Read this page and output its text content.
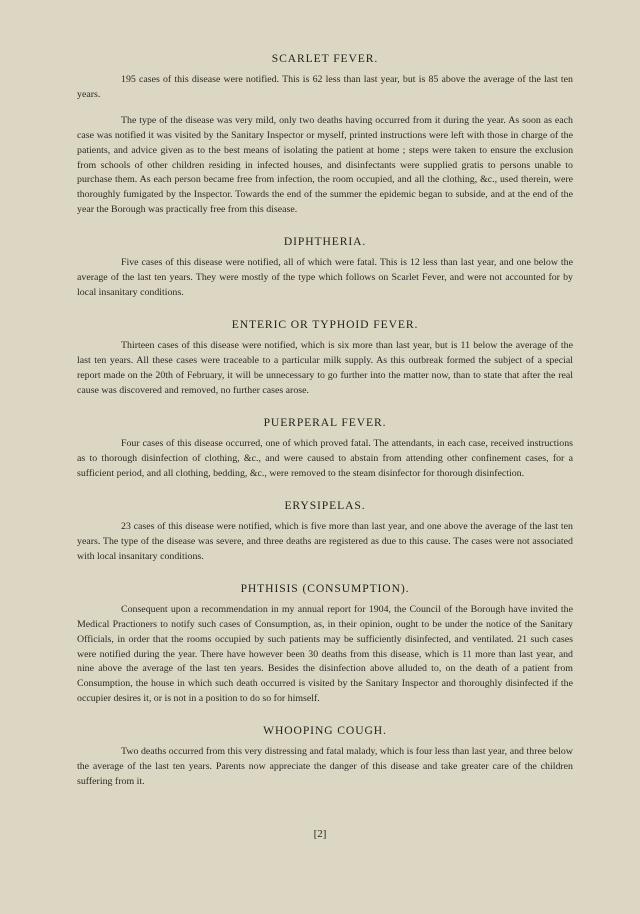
SCARLET FEVER.

195 cases of this disease were notified. This is 62 less than last year, but is 85 above the average of the last ten years.

The type of the disease was very mild, only two deaths having occurred from it during the year. As soon as each case was notified it was visited by the Sanitary Inspector or myself, printed instructions were left with those in charge of the patients, and advice given as to the best means of isolating the patient at home ; steps were taken to ensure the exclusion from schools of other children residing in infected houses, and disinfectants were supplied gratis to persons unable to purchase them. As each person became free from infection, the room occupied, and all the clothing, &c., used therein, were thoroughly fumigated by the Inspector. Towards the end of the summer the epidemic began to subside, and at the end of the year the Borough was practically free from this disease.

DIPHTHERIA.

Five cases of this disease were notified, all of which were fatal. This is 12 less than last year, and one below the average of the last ten years. They were mostly of the type which follows on Scarlet Fever, and were not accounted for by local insanitary conditions.

ENTERIC OR TYPHOID FEVER.

Thirteen cases of this disease were notified, which is six more than last year, but is 11 below the average of the last ten years. All these cases were traceable to a particular milk supply. As this outbreak formed the subject of a special report made on the 20th of February, it will be unnecessary to go further into the matter now, than to state that after the real cause was discovered and removed, no further cases arose.

PUERPERAL FEVER.

Four cases of this disease occurred, one of which proved fatal. The attendants, in each case, received instructions as to thorough disinfection of clothing, &c., and were caused to abstain from attending other confinement cases, for a sufficient period, and all clothing, bedding, &c., were removed to the steam disinfector for thorough disinfection.

ERYSIPELAS.

23 cases of this disease were notified, which is five more than last year, and one above the average of the last ten years. The type of the disease was severe, and three deaths are registered as due to this cause. The cases were not associated with local insanitary conditions.

PHTHISIS (CONSUMPTION).

Consequent upon a recommendation in my annual report for 1904, the Council of the Borough have invited the Medical Practioners to notify such cases of Consumption, as, in their opinion, ought to be under the notice of the Sanitary Officials, in order that the rooms occupied by such patients may be sufficiently disinfected, and ventilated. 21 such cases were notified during the year. There have however been 30 deaths from this disease, which is 11 more than last year, and nine above the average of the last ten years. Besides the disinfection above alluded to, on the death of a patient from Consumption, the house in which such death occurred is visited by the Sanitary Inspector and thoroughly disinfected if the occupier desires it, or is not in a position to do so for himself.

WHOOPING COUGH.

Two deaths occurred from this very distressing and fatal malady, which is four less than last year, and three below the average of the last ten years. Parents now appreciate the danger of this disease and take greater care of the children suffering from it.

[2]
